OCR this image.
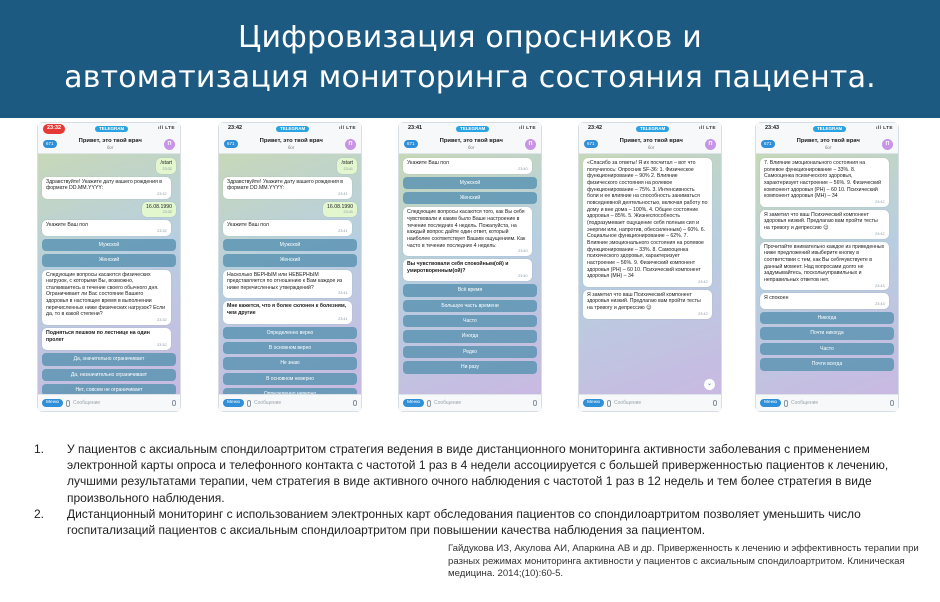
Цифровизация опросников и
автоматизация мониторинга состояния пациента.
23:32	TELEGRAM	ıll LTE
671
Привет, это твой врач
бот
П
/start
23:32
Здравствуйте! Укажите дату вашего рождения в формате DD.MM.YYYY:
23:32
16.08.1990
23:32
Укажите Ваш пол
23:32
Мужской
Женский
Следующие вопросы касаются физических нагрузок, с которыми Вы, возможно, сталкиваетесь в течение своего обычного дня. Ограничивает ли Вас состояние Вашего здоровья в настоящее время в выполнении перечисленных ниже физических нагрузок? Если да, то в какой степени?
23:32
Подняться пешком по лестнице на один пролет
23:32
Да, значительно ограничивает
Да, незначительно ограничивает
Нет, совсем не ограничивает
Меню	Сообщение
23:42	TELEGRAM	ıll LTE
671
Привет, это твой врач
бот
П
/start
23:41
Здравствуйте! Укажите дату вашего рождения в формате DD.MM.YYYY:
23:41
16.08.1990
23:41
Укажите Ваш пол
23:41
Мужской
Женский
Насколько ВЕРНЫМ или НЕВЕРНЫМ представляется по отношению к Вам каждое из ниже перечисленных утверждений?
23:41
Мне кажется, что я более склонен к болезням, чем другие
23:41
Определенно верно
В основном верно
Не знаю
В основном неверно
Меню	Сообщение
23:41	TELEGRAM	ıll LTE
671
Привет, это твой врач
бот
П
Укажите Ваш пол
23:40
Мужской
Женский
Следующие вопросы касаются того, как Вы себя чувствовали и каким было Ваше настроение в течение последних 4 недель. Пожалуйста, на каждый вопрос дайте один ответ, который наиболее соответствует Вашим ощущениям. Как часто в течение последних 4 недель:
23:40
Вы чувствовали себя спокойным(ой) и умиротворенным(ой)?
23:40
Всё время
Большую часть времени
Часто
Иногда
Редко
Ни разу
Меню	Сообщение
23:42	TELEGRAM	ıll LTE
671
Привет, это твой врач
бот
П
«Спасибо за ответы! Я их посчитал – вот что получилось: Опросник SF-36: 1. Физическое функционирование – 90% 2. Влияние физического состояния на ролевое функционирование – 75%. 3. Интенсивность боли и ее влияние на способность заниматься повседневной деятельностью, включая работу по дому и вне дома – 100%. 4. Общее состояние здоровья – 85%. 5. Жизнеспособность (подразумевает ощущение себя полным сил и энергии или, напротив, обессиленным) – 60%. 6. Социальное функционирование – 62%. 7. Влияние эмоционального состояния на ролевое функционирование – 33%. 8. Самооценка психического здоровья, характеризует настроение – 56%. 9. Физический компонент здоровья (PH) – 60 10. Психический компонент здоровья (MH) – 34
23:42
Я заметил что ваш Психический компонент здоровья низкий. Предлагаю вам пройти тесты на тревогу и депрессию 😊
23:42
Меню	Сообщение
⌄
23:43	TELEGRAM	ıll LTE
671
Привет, это твой врач
бот
П
7. Влияние эмоционального состояния на ролевое функционирование – 33%. 8. Самооценка психического здоровья, характеризует настроение – 56%. 9. Физический компонент здоровья (PH) – 60 10. Психический компонент здоровья (MH) – 34
23:42
Я заметил что ваш Психический компонент здоровья низкий. Предлагаю вам пройти тесты на тревогу и депрессию 😊
23:42
Прочитайте внимательно каждое из приведенных ниже предложений ивыберите кнопку в соответствии с тем, как Вы себячувствуете в данный момент. Над вопросами долго не задумывайтесь, посколькуправильных и неправильных ответов нет.
23:43
Я спокоен
23:43
Никогда
Почти никогда
Часто
Почти всегда
Меню	Сообщение
1. У пациентов с аксиальным спондилоартритом стратегия ведения в виде дистанционного мониторинга активности заболевания с применением электронной карты опроса и телефонного контакта с частотой 1 раз в 4 недели ассоциируется с большей приверженностью пациентов к лечению, лучшими результатами терапии, чем стратегия в виде активного очного наблюдения с частотой 1 раз в 12 недель и тем более стратегия в виде произвольного наблюдения.
2. Дистанционный мониторинг с использованием электронных карт обследования пациентов со спондилоартритом позволяет уменьшить число госпитализаций пациентов с аксиальным спондилоартритом при повышении качества наблюдения за пациентом.
Гайдукова ИЗ, Акулова АИ, Апаркина АВ и др. Приверженность к лечению и эффективность терапии при разных режимах мониторинга активности у пациентов с аксиальным спондилоартритом. Клиническая медицина. 2014;(10):60-5.
